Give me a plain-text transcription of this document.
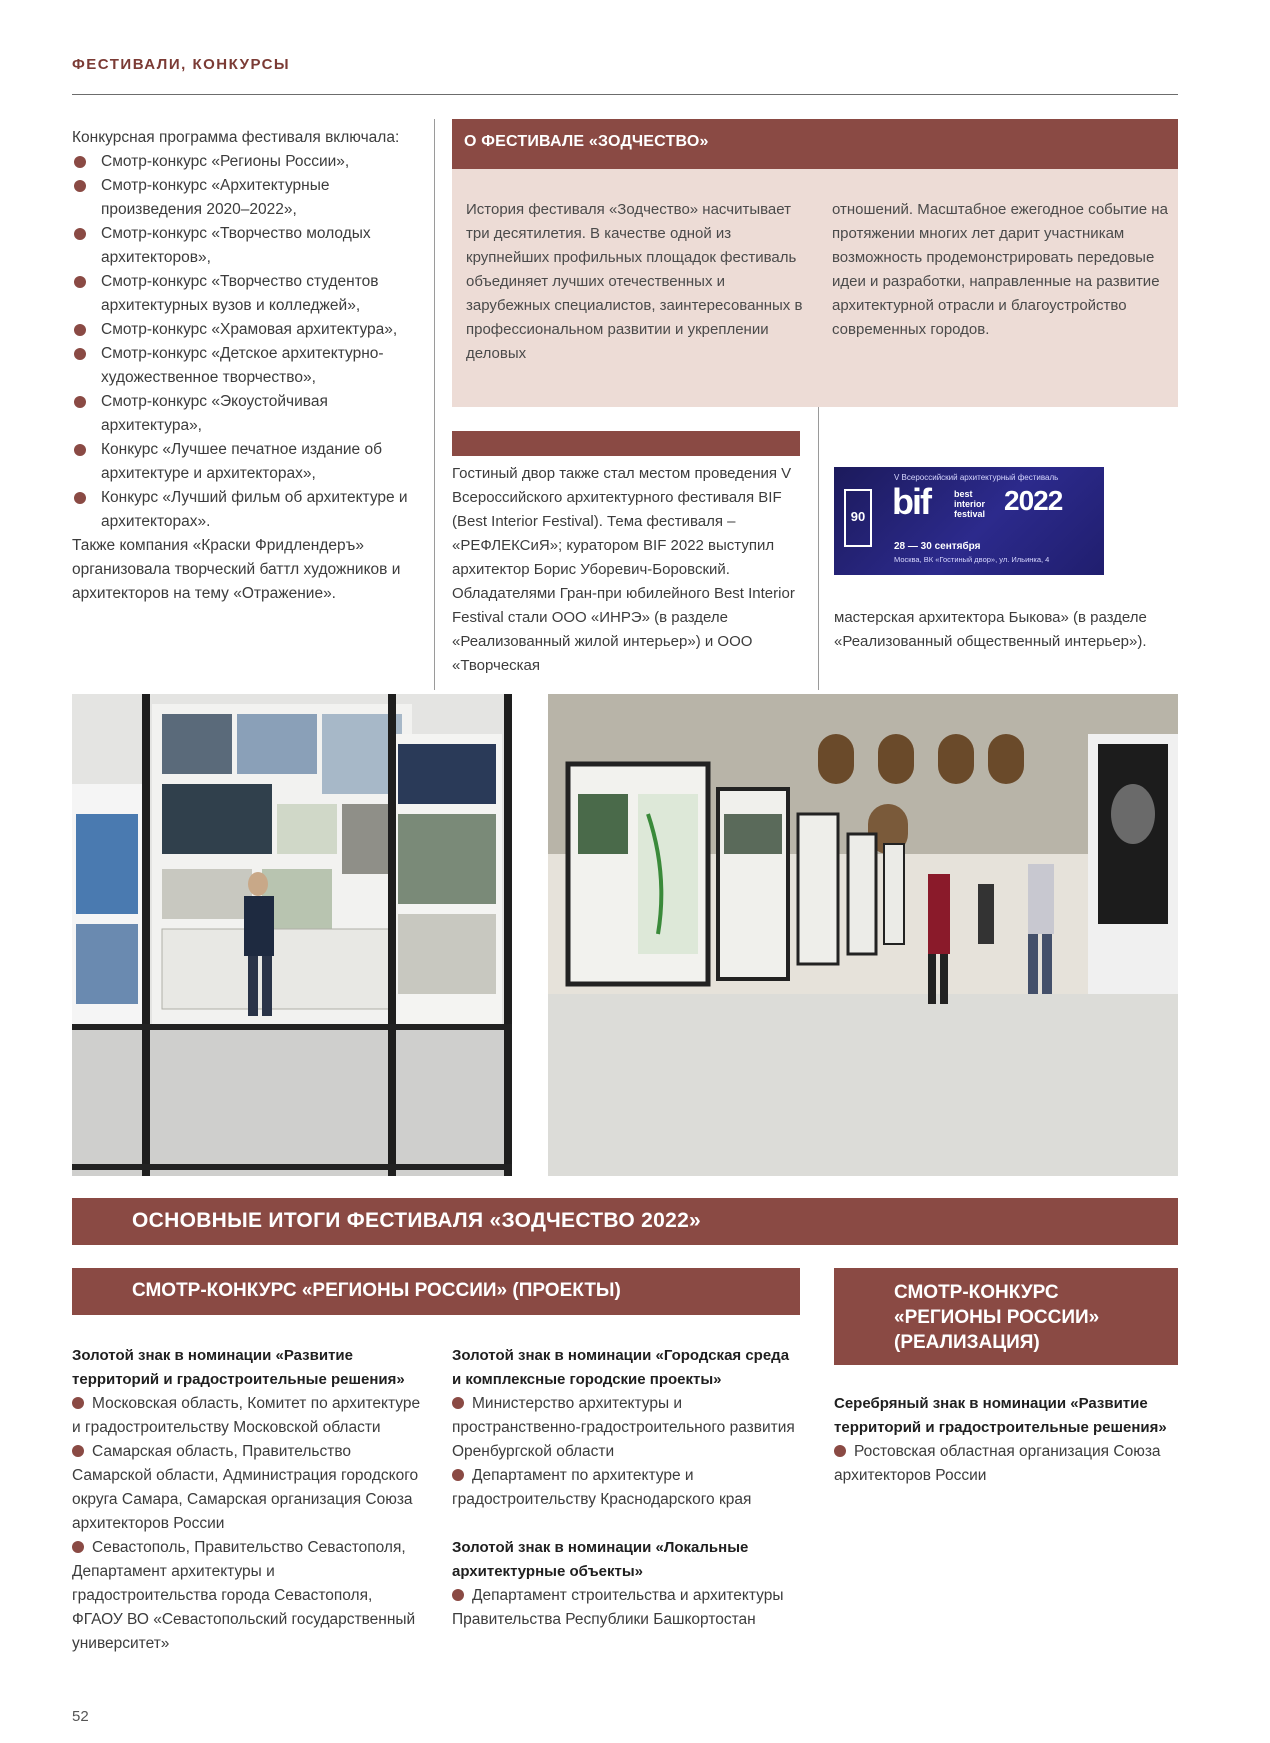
ФЕСТИВАЛИ, КОНКУРСЫ

Конкурсная программа фестиваля включала:

Смотр-конкурс «Регионы России»,
Смотр-конкурс «Архитектурные произведения 2020–2022»,
Смотр-конкурс «Творчество молодых архитекторов»,
Смотр-конкурс «Творчество студентов архитектурных вузов и колледжей»,
Смотр-конкурс «Храмовая архитектура»,
Смотр-конкурс «Детское архитектурно-художественное творчество»,
Смотр-конкурс «Экоустойчивая архитектура»,
Конкурс «Лучшее печатное издание об архитектуре и архитекторах»,
Конкурс «Лучший фильм об архитектуре и архитекторах».

Также компания «Краски Фридлендеръ» организовала творческий баттл художников и архитекторов на тему «Отражение».

О ФЕСТИВАЛЕ «ЗОДЧЕСТВО»

История фестиваля «Зодчество» насчитывает три десятилетия. В качестве одной из крупнейших профильных площадок фестиваль объединяет лучших отечественных и зарубежных специалистов, заинтересованных в профессиональном развитии и укреплении деловых

отношений. Масштабное ежегодное событие на протяжении многих лет дарит участникам возможность продемонстрировать передовые идеи и разработки, направленные на развитие архитектурной отрасли и благоустройство современных городов.

Гостиный двор также стал местом проведения V Всероссийского архитектурного фестиваля BIF (Best Interior Festival). Тема фестиваля – «РЕФЛЕКСиЯ»; куратором BIF 2022 выступил архитектор Борис Уборевич-Боровский. Обладателями Гран-при юбилейного Best Interior Festival стали ООО «ИНРЭ» (в разделе «Реализованный жилой интерьер») и ООО «Творческая

мастерская архитектора Быкова» (в разделе «Реализованный общественный интерьер»).

V Всероссийский архитектурный фестиваль
90 bif	best interior festival 2022
28 — 30 сентября
Москва, ВК «Гостиный двор», ул. Ильинка, 4
ОСНОВНЫЕ ИТОГИ ФЕСТИВАЛЯ «ЗОДЧЕСТВО 2022»
СМОТР-КОНКУРС «РЕГИОНЫ РОССИИ» (ПРОЕКТЫ)	СМОТР-КОНКУРС «РЕГИОНЫ РОССИИ» (РЕАЛИЗАЦИЯ)

Золотой знак в номинации «Развитие территорий и градостроительные решения»

Московская область, Комитет по архитектуре и градостроительству Московской области

Самарская область, Правительство Самарской области, Администрация городского округа Самара, Самарская организация Союза архитекторов России

Севастополь, Правительство Севастополя, Департамент архитектуры и градостроительства города Севастополя, ФГАОУ ВО «Севастопольский государственный университет»

Золотой знак в номинации «Городская среда и комплексные городские проекты»

Министерство архитектуры и пространственно-градостроительного развития Оренбургской области

Департамент по архитектуре и градостроительству Краснодарского края

Золотой знак в номинации «Локальные архитектурные объекты»

Департамент строительства и архитектуры Правительства Республики Башкортостан

Серебряный знак в номинации «Развитие территорий и градостроительные решения»

Ростовская областная организация Союза архитекторов России

52
